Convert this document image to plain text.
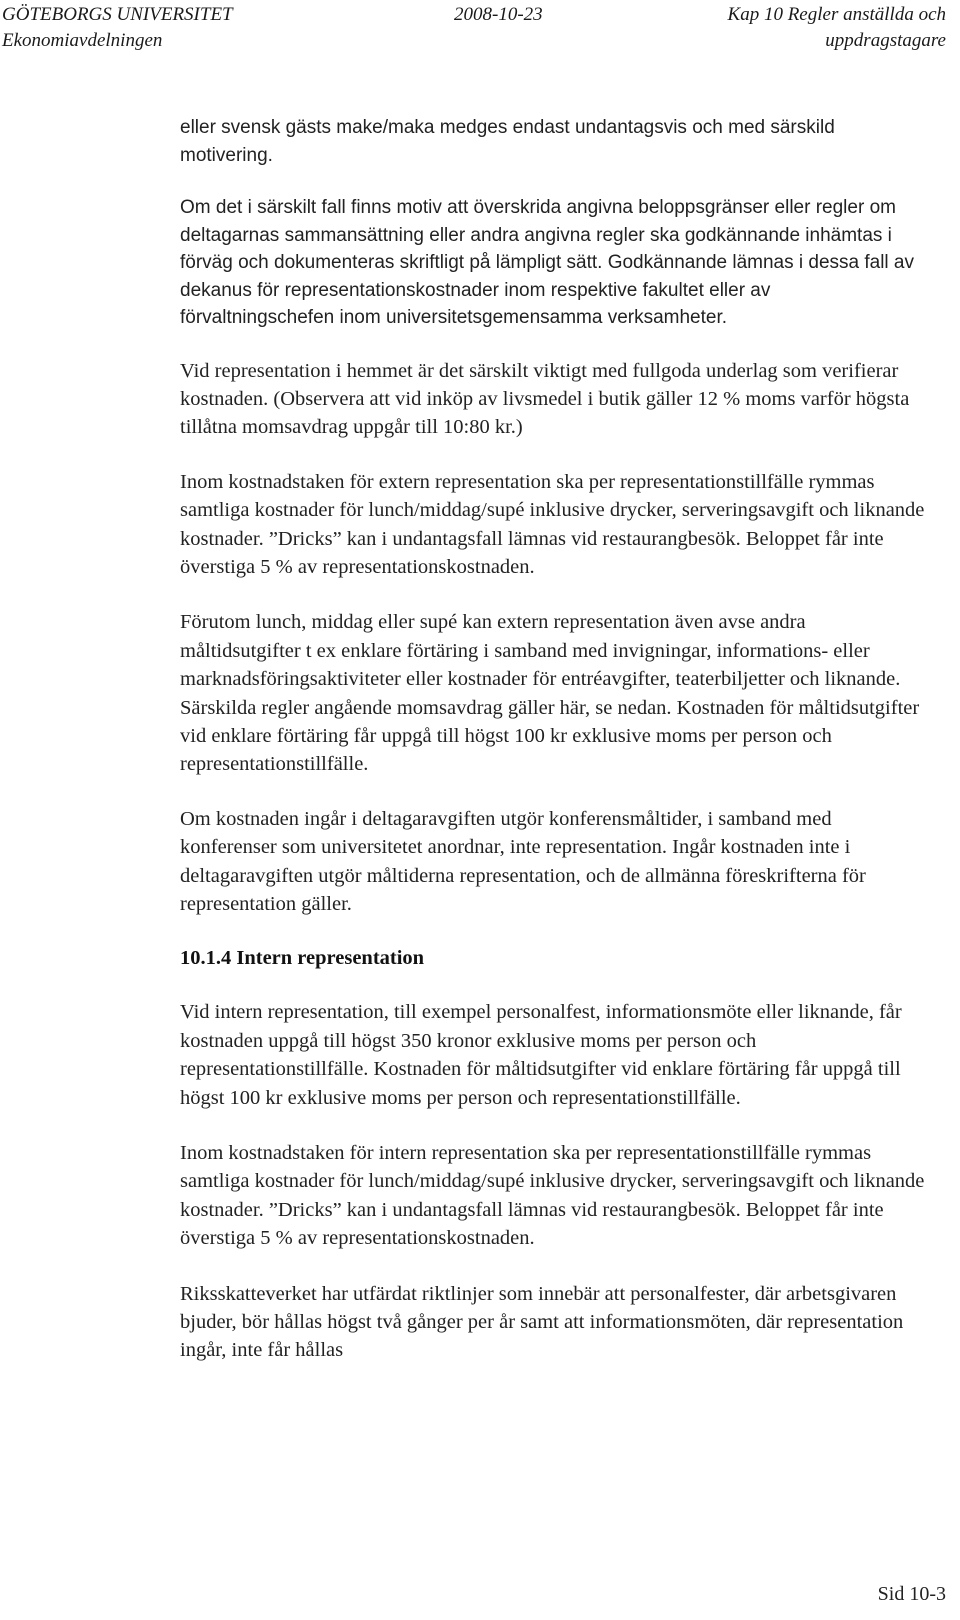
GÖTEBORGS UNIVERSITET
Ekonomiavdelningen
2008-10-23	Kap 10 Regler anställda och
uppdragstagare

eller svensk gästs make/maka medges endast undantagsvis och med särskild motivering.

Om det i särskilt fall finns motiv att överskrida angivna beloppsgränser eller regler om deltagarnas sammansättning eller andra angivna regler ska godkännande inhämtas i förväg och dokumenteras skriftligt på lämpligt sätt. Godkännande lämnas i dessa fall av dekanus för representationskostnader inom respektive fakultet eller av förvaltningschefen inom universitetsgemensamma verksamheter.

Vid representation i hemmet är det särskilt viktigt med fullgoda underlag som verifierar kostnaden. (Observera att vid inköp av livsmedel i butik gäller 12 % moms varför högsta tillåtna momsavdrag uppgår till 10:80 kr.)

Inom kostnadstaken för extern representation ska per representationstillfälle rymmas samtliga kostnader för lunch/middag/supé inklusive drycker, serveringsavgift och liknande kostnader. ”Dricks” kan i undantagsfall lämnas vid restaurangbesök. Beloppet får inte överstiga 5 % av representationskostnaden.

Förutom lunch, middag eller supé kan extern representation även avse andra måltidsutgifter t ex enklare förtäring i samband med invigningar, informations- eller marknadsföringsaktiviteter eller kostnader för entréavgifter, teaterbiljetter och liknande. Särskilda regler angående momsavdrag gäller här, se nedan. Kostnaden för måltidsutgifter vid enklare förtäring får uppgå till högst 100 kr exklusive moms per person och representationstillfälle.

Om kostnaden ingår i deltagaravgiften utgör konferensmåltider, i samband med konferenser som universitetet anordnar, inte representation. Ingår kostnaden inte i deltagaravgiften utgör måltiderna representation, och de allmänna föreskrifterna för representation gäller.

10.1.4 Intern representation

Vid intern representation, till exempel personalfest, informationsmöte eller liknande, får kostnaden uppgå till högst 350 kronor exklusive moms per person och representationstillfälle. Kostnaden för måltidsutgifter vid enklare förtäring får uppgå till högst 100 kr exklusive moms per person och representationstillfälle.

Inom kostnadstaken för intern representation ska per representationstillfälle rymmas samtliga kostnader för lunch/middag/supé inklusive drycker, serveringsavgift och liknande kostnader. ”Dricks” kan i undantagsfall lämnas vid restaurangbesök. Beloppet får inte överstiga 5 % av representationskostnaden.

Riksskatteverket har utfärdat riktlinjer som innebär att personalfester, där arbetsgivaren bjuder, bör hållas högst två gånger per år samt att informationsmöten, där representation ingår, inte får hållas

Sid 10-3
